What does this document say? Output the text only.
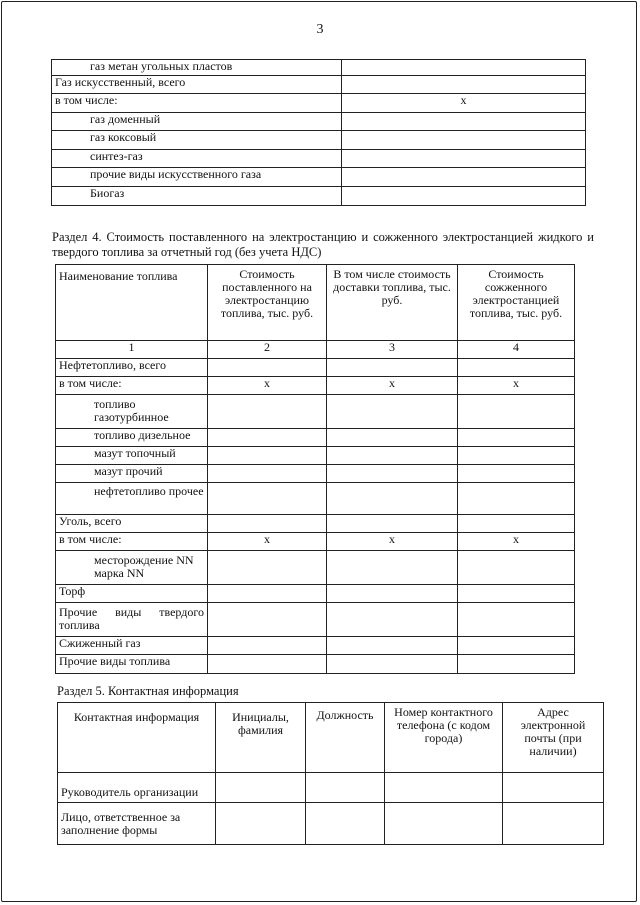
3
газ метан угольных пластов	
Газ искусственный, всего	
в том числе:	x
газ доменный	
газ коксовый	
синтез-газ	
прочие виды искусственного газа	
Биогаз	
Раздел 4. Стоимость поставленного на электростанцию и сожженного электростанцией жидкого и твердого топлива за отчетный год (без учета НДС)
Наименование топлива	Стоимость поставленного на электростанцию топлива, тыс. руб.	В том числе стоимость доставки топлива, тыс. руб.	Стоимость сожженного электростанцией топлива, тыс. руб.
1	2	3	4
Нефтетопливо, всего			
в том числе:	x	x	x
топливо газотурбинное			
топливо дизельное			
мазут топочный			
мазут прочий			
нефтетопливо прочее			
Уголь, всего			
в том числе:	x	x	x
месторождение NN марка NN			
Торф			
Прочие виды твердого топлива			
Сжиженный газ			
Прочие виды топлива			
Раздел 5. Контактная информация
Контактная информация	Инициалы, фамилия	Должность	Номер контактного телефона (с кодом города)	Адрес электронной почты (при наличии)
Руководитель организации				
Лицо, ответственное за заполнение формы				
